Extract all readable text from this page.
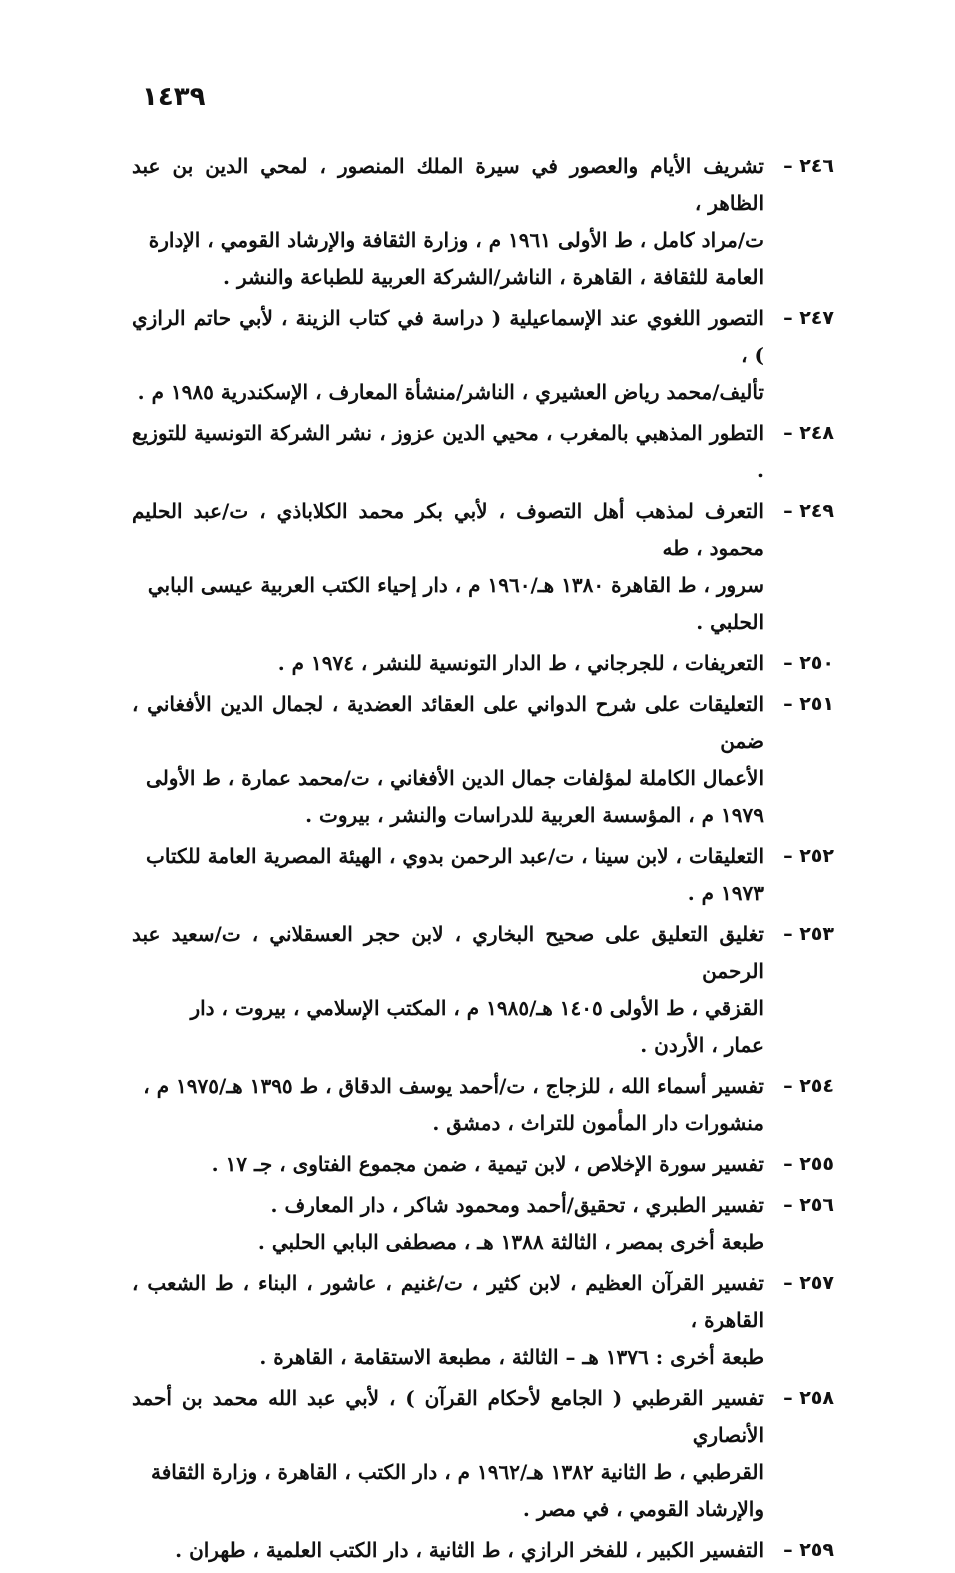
١٤٣٩
٢٤٦ –
تشريف الأيام والعصور في سيرة الملك المنصور ، لمحي الدين بن عبد الظاهر ،
ت/مراد كامل ، ط الأولى ١٩٦١ م ، وزارة الثقافة والإرشاد القومي ، الإدارة
العامة للثقافة ، القاهرة ، الناشر/الشركة العربية للطباعة والنشر .
٢٤٧ –
التصور اللغوي عند الإسماعيلية ( دراسة في كتاب الزينة ، لأبي حاتم الرازي ) ،
تأليف/محمد رياض العشيري ، الناشر/منشأة المعارف ، الإسكندرية ١٩٨٥ م .
٢٤٨ –
التطور المذهبي بالمغرب ، محيي الدين عزوز ، نشر الشركة التونسية للتوزيع .
٢٤٩ –
التعرف لمذهب أهل التصوف ، لأبي بكر محمد الكلاباذي ، ت/عبد الحليم محمود ، طه
سرور ، ط القاهرة ١٣٨٠ هـ/١٩٦٠ م ، دار إحياء الكتب العربية عيسى البابي
الحلبي .
٢٥٠ –
التعريفات ، للجرجاني ، ط الدار التونسية للنشر ، ١٩٧٤ م .
٢٥١ –
التعليقات على شرح الدواني على العقائد العضدية ، لجمال الدين الأفغاني ، ضمن
الأعمال الكاملة لمؤلفات جمال الدين الأفغاني ، ت/محمد عمارة ، ط الأولى
١٩٧٩ م ، المؤسسة العربية للدراسات والنشر ، بيروت .
٢٥٢ –
التعليقات ، لابن سينا ، ت/عبد الرحمن بدوي ، الهيئة المصرية العامة للكتاب
١٩٧٣ م .
٢٥٣ –
تغليق التعليق على صحيح البخاري ، لابن حجر العسقلاني ، ت/سعيد عبد الرحمن
القزقي ، ط الأولى ١٤٠٥ هـ/١٩٨٥ م ، المكتب الإسلامي ، بيروت ، دار
عمار ، الأردن .
٢٥٤ –
تفسير أسماء الله ، للزجاج ، ت/أحمد يوسف الدقاق ، ط ١٣٩٥ هـ/١٩٧٥ م ،
منشورات دار المأمون للتراث ، دمشق .
٢٥٥ –
تفسير سورة الإخلاص ، لابن تيمية ، ضمن مجموع الفتاوى ، جـ ١٧ .
٢٥٦ –
تفسير الطبري ، تحقيق/أحمد ومحمود شاكر ، دار المعارف .
طبعة أخرى بمصر ، الثالثة ١٣٨٨ هـ ، مصطفى البابي الحلبي .
٢٥٧ –
تفسير القرآن العظيم ، لابن كثير ، ت/غنيم ، عاشور ، البناء ، ط الشعب ، القاهرة ،
طبعة أخرى : ١٣٧٦ هـ – الثالثة ، مطبعة الاستقامة ، القاهرة .
٢٥٨ –
تفسير القرطبي ( الجامع لأحكام القرآن ) ، لأبي عبد الله محمد بن أحمد الأنصاري
القرطبي ، ط الثانية ١٣٨٢ هـ/١٩٦٢ م ، دار الكتب ، القاهرة ، وزارة الثقافة
والإرشاد القومي ، في مصر .
٢٥٩ –
التفسير الكبير ، للفخر الرازي ، ط الثانية ، دار الكتب العلمية ، طهران .
